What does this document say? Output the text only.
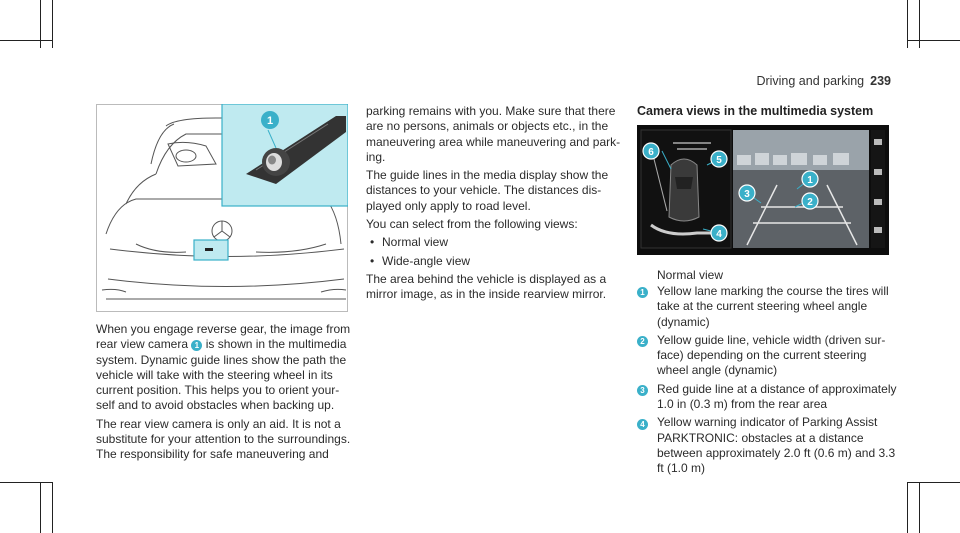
Driving and parking 239
1

When you engage reverse gear, the image from rear view camera 1 is shown in the multimedia system. Dynamic guide lines show the path the vehicle will take with the steering wheel in its current position. This helps you to orient your-self and to avoid obstacles when backing up.

The rear view camera is only an aid. It is not a substitute for your attention to the surroundings. The responsibility for safe maneuvering and

parking remains with you. Make sure that there are no persons, animals or objects etc., in the maneuvering area while maneuvering and park-ing.

The guide lines in the media display show the distances to your vehicle. The distances dis-played only apply to road level.

You can select from the following views:

• Normal view
• Wide-angle view

The area behind the vehicle is displayed as a mirror image, as in the inside rearview mirror.

Camera views in the multimedia system
6
5
4
3
2
1
Normal view
1	Yellow lane marking the course the tires will take at the current steering wheel angle (dynamic)
2	Yellow guide line, vehicle width (driven sur-face) depending on the current steering wheel angle (dynamic)
3	Red guide line at a distance of approximately 1.0 in (0.3 m) from the rear area
4	Yellow warning indicator of Parking Assist PARKTRONIC: obstacles at a distance between approximately 2.0 ft (0.6 m) and 3.3 ft (1.0 m)
